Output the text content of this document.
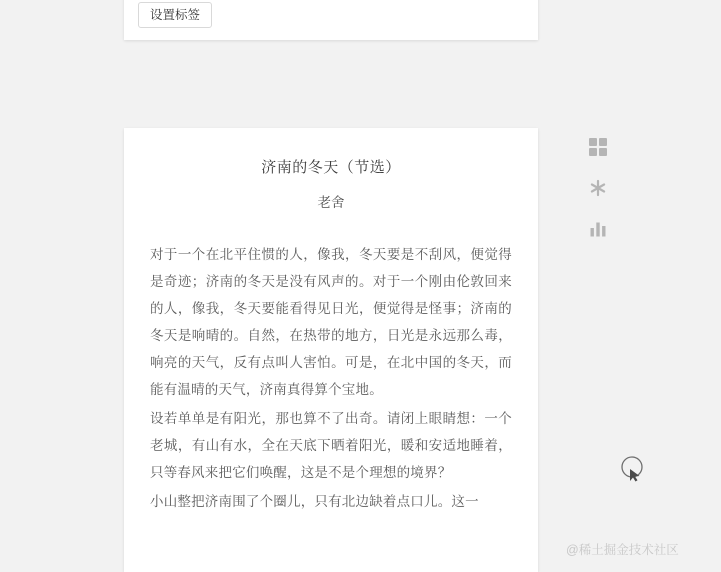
设置标签
济南的冬天（节选）
老舍

对于一个在北平住惯的人，像我，冬天要是不刮风，便觉得是奇迹；济南的冬天是没有风声的。对于一个刚由伦敦回来的人，像我，冬天要能看得见日光，便觉得是怪事；济南的冬天是响晴的。自然，在热带的地方，日光是永远那么毒，响亮的天气，反有点叫人害怕。可是，在北中国的冬天，而能有温晴的天气，济南真得算个宝地。

设若单单是有阳光，那也算不了出奇。请闭上眼睛想：一个老城，有山有水，全在天底下晒着阳光，暖和安适地睡着，只等春风来把它们唤醒，这是不是个理想的境界？

小山整把济南围了个圈儿，只有北边缺着点口儿。这一

@稀土掘金技术社区
